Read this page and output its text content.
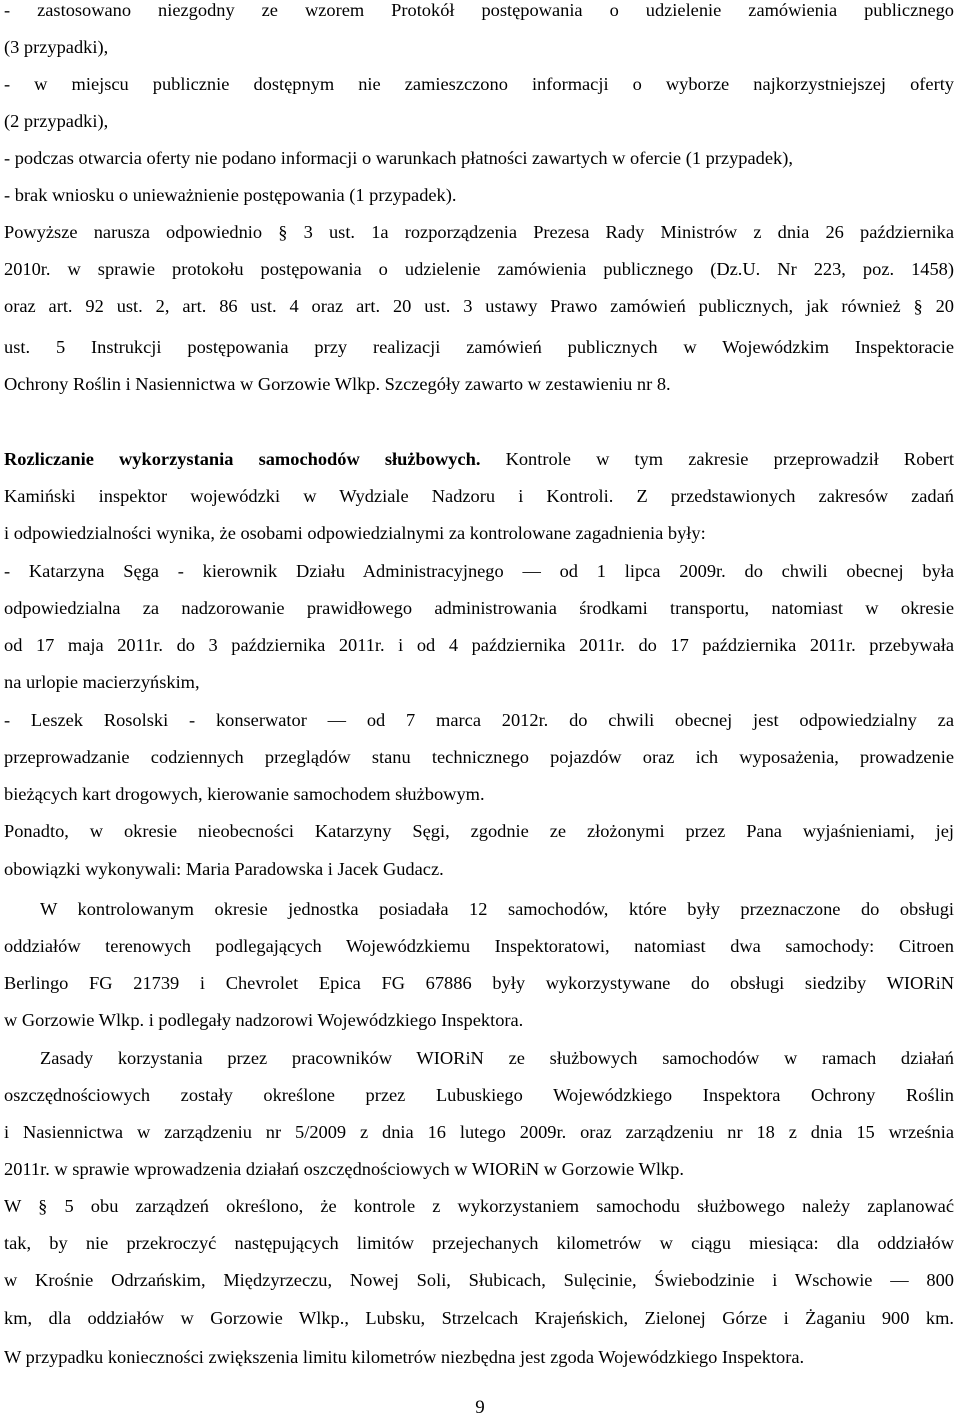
- zastosowano niezgodny ze wzorem Protokół postępowania o udzielenie zamówienia publicznego
(3 przypadki),
- w miejscu publicznie dostępnym nie zamieszczono informacji o wyborze najkorzystniejszej oferty
(2 przypadki),
- podczas otwarcia oferty nie podano informacji o warunkach płatności zawartych w ofercie (1 przypadek),
- brak wniosku o unieważnienie postępowania (1 przypadek).
Powyższe narusza odpowiednio § 3 ust. 1a rozporządzenia Prezesa Rady Ministrów z dnia 26 października
2010r. w sprawie protokołu postępowania o udzielenie zamówienia publicznego (Dz.U. Nr 223, poz. 1458)
oraz art. 92 ust. 2, art. 86 ust. 4 oraz art. 20 ust. 3 ustawy Prawo zamówień publicznych, jak również § 20
ust. 5 Instrukcji postępowania przy realizacji zamówień publicznych w Wojewódzkim Inspektoracie
Ochrony Roślin i Nasiennictwa w Gorzowie Wlkp. Szczegóły zawarto w zestawieniu nr 8.
Rozliczanie wykorzystania samochodów służbowych. Kontrole w tym zakresie przeprowadził Robert
Kamiński inspektor wojewódzki w Wydziale Nadzoru i Kontroli. Z przedstawionych zakresów zadań
i odpowiedzialności wynika, że osobami odpowiedzialnymi za kontrolowane zagadnienia były:
- Katarzyna Sęga - kierownik Działu Administracyjnego — od 1 lipca 2009r. do chwili obecnej była
odpowiedzialna za nadzorowanie prawidłowego administrowania środkami transportu, natomiast w okresie
od 17 maja 2011r. do 3 października 2011r. i od 4 października 2011r. do 17 października 2011r. przebywała
na urlopie macierzyńskim,
- Leszek Rosolski - konserwator — od 7 marca 2012r. do chwili obecnej jest odpowiedzialny za
przeprowadzanie codziennych przeglądów stanu technicznego pojazdów oraz ich wyposażenia, prowadzenie
bieżących kart drogowych, kierowanie samochodem służbowym.
Ponadto, w okresie nieobecności Katarzyny Sęgi, zgodnie ze złożonymi przez Pana wyjaśnieniami, jej
obowiązki wykonywali: Maria Paradowska i Jacek Gudacz.
W kontrolowanym okresie jednostka posiadała 12 samochodów, które były przeznaczone do obsługi
oddziałów terenowych podlegających Wojewódzkiemu Inspektoratowi, natomiast dwa samochody: Citroen
Berlingo FG 21739 i Chevrolet Epica FG 67886 były wykorzystywane do obsługi siedziby WIORiN
w Gorzowie Wlkp. i podlegały nadzorowi Wojewódzkiego Inspektora.
Zasady korzystania przez pracowników WIORiN ze służbowych samochodów w ramach działań
oszczędnościowych zostały określone przez Lubuskiego Wojewódzkiego Inspektora Ochrony Roślin
i Nasiennictwa w zarządzeniu nr 5/2009 z dnia 16 lutego 2009r. oraz zarządzeniu nr 18 z dnia 15 września
2011r. w sprawie wprowadzenia działań oszczędnościowych w WIORiN w Gorzowie Wlkp.
W § 5 obu zarządzeń określono, że kontrole z wykorzystaniem samochodu służbowego należy zaplanować
tak, by nie przekroczyć następujących limitów przejechanych kilometrów w ciągu miesiąca: dla oddziałów
w Krośnie Odrzańskim, Międzyrzeczu, Nowej Soli, Słubicach, Sulęcinie, Świebodzinie i Wschowie — 800
km, dla oddziałów w Gorzowie Wlkp., Lubsku, Strzelcach Krajeńskich, Zielonej Górze i Żaganiu 900 km.
W przypadku konieczności zwiększenia limitu kilometrów niezbędna jest zgoda Wojewódzkiego Inspektora.
9
